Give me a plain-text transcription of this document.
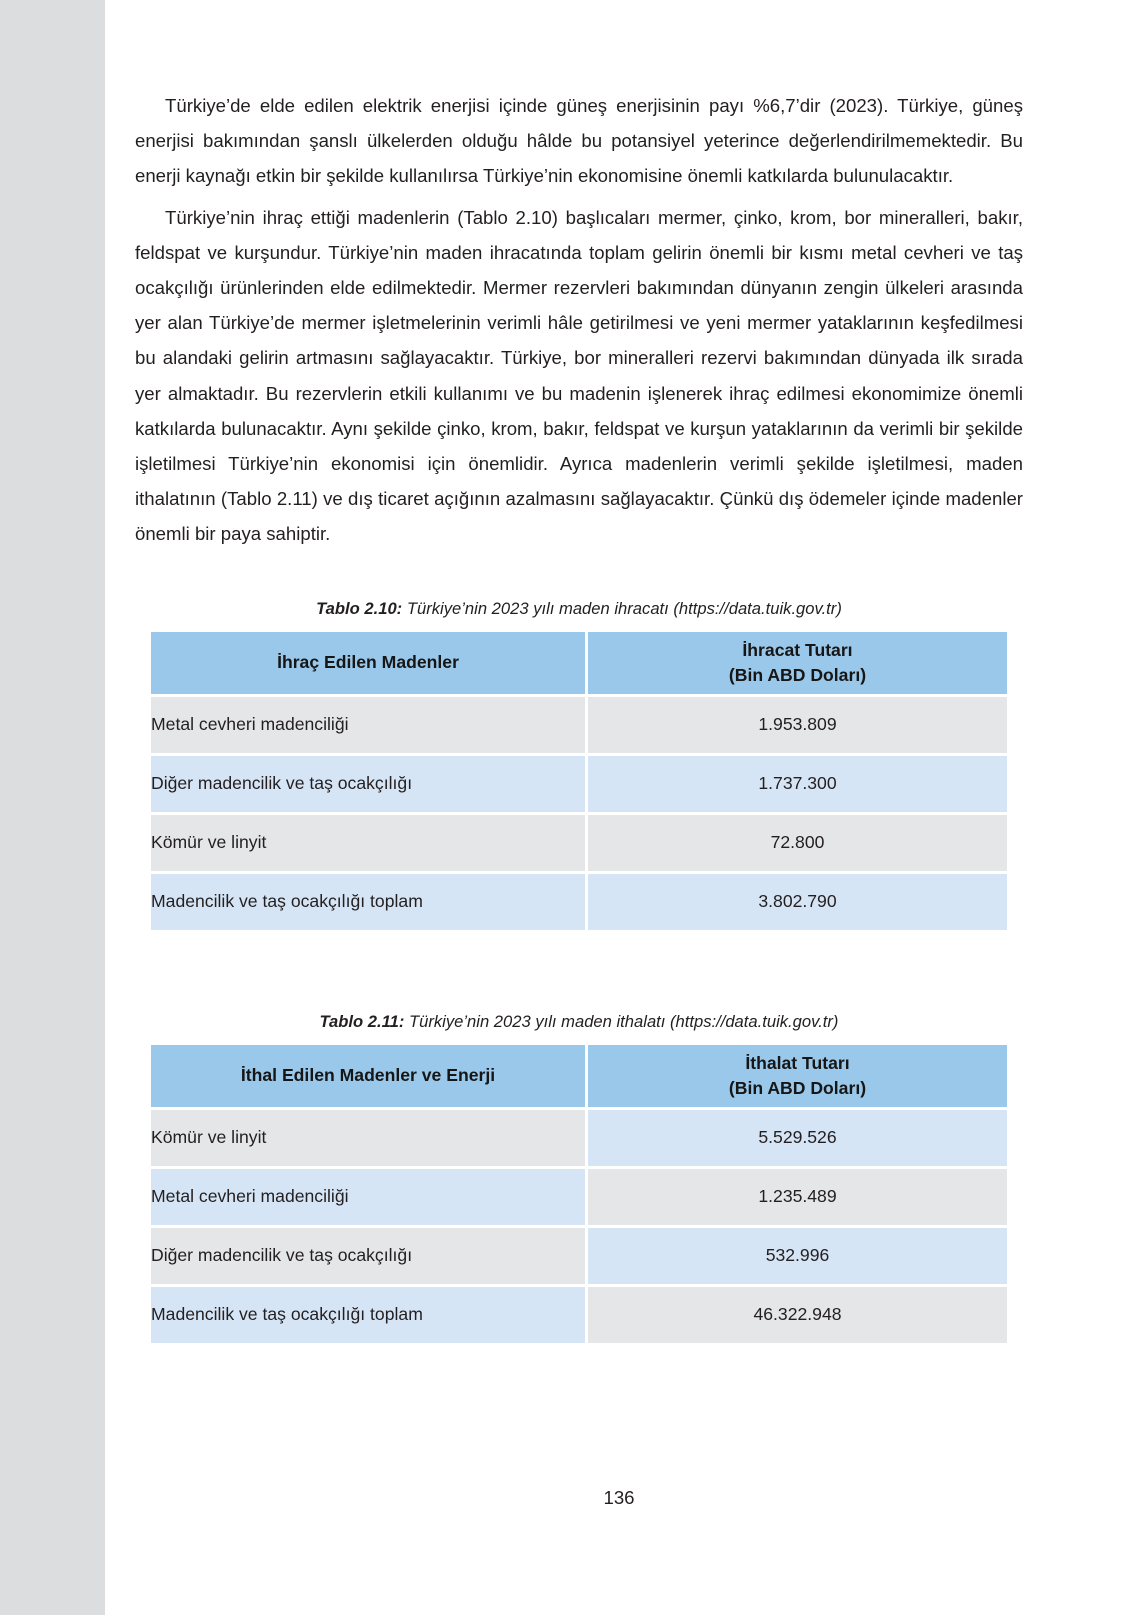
Türkiye’de elde edilen elektrik enerjisi içinde güneş enerjisinin payı %6,7’dir (2023). Türkiye, güneş enerjisi bakımından şanslı ülkelerden olduğu hâlde bu potansiyel yeterince değerlendirilmemektedir. Bu enerji kaynağı etkin bir şekilde kullanılırsa Türkiye’nin ekonomisine önemli katkılarda bulunulacaktır.

Türkiye’nin ihraç ettiği madenlerin (Tablo 2.10) başlıcaları mermer, çinko, krom, bor mineralleri, bakır, feldspat ve kurşundur. Türkiye’nin maden ihracatında toplam gelirin önemli bir kısmı metal cevheri ve taş ocakçılığı ürünlerinden elde edilmektedir. Mermer rezervleri bakımından dünyanın zengin ülkeleri arasında yer alan Türkiye’de mermer işletmelerinin verimli hâle getirilmesi ve yeni mermer yataklarının keşfedilmesi bu alandaki gelirin artmasını sağlayacaktır. Türkiye, bor mineralleri rezervi bakımından dünyada ilk sırada yer almaktadır. Bu rezervlerin etkili kullanımı ve bu madenin işlenerek ihraç edilmesi ekonomimize önemli katkılarda bulunacaktır. Aynı şekilde çinko, krom, bakır, feldspat ve kurşun yataklarının da verimli bir şekilde işletilmesi Türkiye’nin ekonomisi için önemlidir. Ayrıca madenlerin verimli şekilde işletilmesi, maden ithalatının (Tablo 2.11) ve dış ticaret açığının azalmasını sağlayacaktır. Çünkü dış ödemeler içinde madenler önemli bir paya sahiptir.

Tablo 2.10: Türkiye’nin 2023 yılı maden ihracatı (https://data.tuik.gov.tr)
İhraç Edilen Madenler	İhracat Tutarı
(Bin ABD Doları)

Metal cevheri madenciliği	1.953.809
Diğer madencilik ve taş ocakçılığı	1.737.300
Kömür ve linyit	72.800
Madencilik ve taş ocakçılığı toplam	3.802.790
Tablo 2.11: Türkiye’nin 2023 yılı maden ithalatı (https://data.tuik.gov.tr)
İthal Edilen Madenler ve Enerji	İthalat Tutarı
(Bin ABD Doları)

Kömür ve linyit	5.529.526
Metal cevheri madenciliği	1.235.489
Diğer madencilik ve taş ocakçılığı	532.996
Madencilik ve taş ocakçılığı toplam	46.322.948
136
